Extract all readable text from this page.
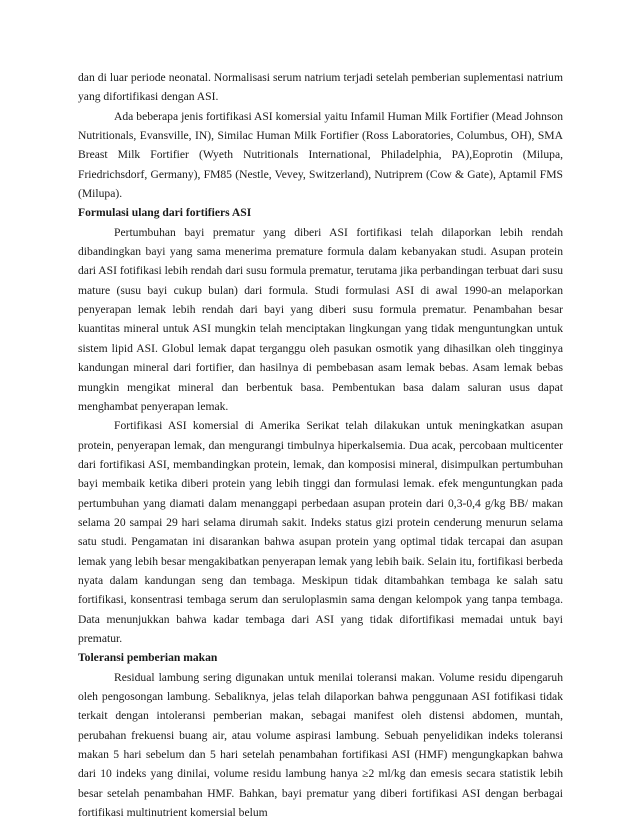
dan di luar periode neonatal. Normalisasi serum natrium terjadi setelah pemberian suplementasi natrium yang difortifikasi dengan ASI.

Ada beberapa jenis fortifikasi ASI komersial yaitu Infamil Human Milk Fortifier (Mead Johnson Nutritionals, Evansville, IN), Similac Human Milk Fortifier (Ross Laboratories, Columbus, OH), SMA Breast Milk Fortifier (Wyeth Nutritionals International, Philadelphia, PA),Eoprotin (Milupa, Friedrichsdorf, Germany), FM85 (Nestle, Vevey, Switzerland), Nutriprem (Cow & Gate), Aptamil FMS (Milupa).

Formulasi ulang dari fortifiers ASI

Pertumbuhan bayi prematur yang diberi ASI fortifikasi telah dilaporkan lebih rendah dibandingkan bayi yang sama menerima premature formula dalam kebanyakan studi. Asupan protein dari ASI fotifikasi lebih rendah dari susu formula prematur, terutama jika perbandingan terbuat dari susu mature (susu bayi cukup bulan) dari formula. Studi formulasi ASI di awal 1990-an melaporkan penyerapan lemak lebih rendah dari bayi yang diberi susu formula prematur. Penambahan besar kuantitas mineral untuk ASI mungkin telah menciptakan lingkungan yang tidak menguntungkan untuk sistem lipid ASI. Globul lemak dapat terganggu oleh pasukan osmotik yang dihasilkan oleh tingginya kandungan mineral dari fortifier, dan hasilnya di pembebasan asam lemak bebas. Asam lemak bebas mungkin mengikat mineral dan berbentuk basa. Pembentukan basa dalam saluran usus dapat menghambat penyerapan lemak.

Fortifikasi ASI komersial di Amerika Serikat telah dilakukan untuk meningkatkan asupan protein, penyerapan lemak, dan mengurangi timbulnya hiperkalsemia. Dua acak, percobaan multicenter dari fortifikasi ASI, membandingkan protein, lemak, dan komposisi mineral, disimpulkan pertumbuhan bayi membaik ketika diberi protein yang lebih tinggi dan formulasi lemak. efek menguntungkan pada pertumbuhan yang diamati dalam menanggapi perbedaan asupan protein dari 0,3-0,4 g/kg BB/ makan selama 20 sampai 29 hari selama dirumah sakit. Indeks status gizi protein cenderung menurun selama satu studi. Pengamatan ini disarankan bahwa asupan protein yang optimal tidak tercapai dan asupan lemak yang lebih besar mengakibatkan penyerapan lemak yang lebih baik. Selain itu, fortifikasi berbeda nyata dalam kandungan seng dan tembaga. Meskipun tidak ditambahkan tembaga ke salah satu fortifikasi, konsentrasi tembaga serum dan seruloplasmin sama dengan kelompok yang tanpa tembaga. Data menunjukkan bahwa kadar tembaga dari ASI yang tidak difortifikasi memadai untuk bayi prematur.

Toleransi pemberian makan

Residual lambung sering digunakan untuk menilai toleransi makan. Volume residu dipengaruh oleh pengosongan lambung. Sebaliknya, jelas telah dilaporkan bahwa penggunaan ASI fotifikasi tidak terkait dengan intoleransi pemberian makan, sebagai manifest oleh distensi abdomen, muntah, perubahan frekuensi buang air, atau volume aspirasi lambung. Sebuah penyelidikan indeks toleransi makan 5 hari sebelum dan 5 hari setelah penambahan fortifikasi ASI (HMF) mengungkapkan bahwa dari 10 indeks yang dinilai, volume residu lambung hanya ≥2 ml/kg dan emesis secara statistik lebih besar setelah penambahan HMF. Bahkan, bayi prematur yang diberi fortifikasi ASI dengan berbagai fortifikasi multinutrient komersial belum
